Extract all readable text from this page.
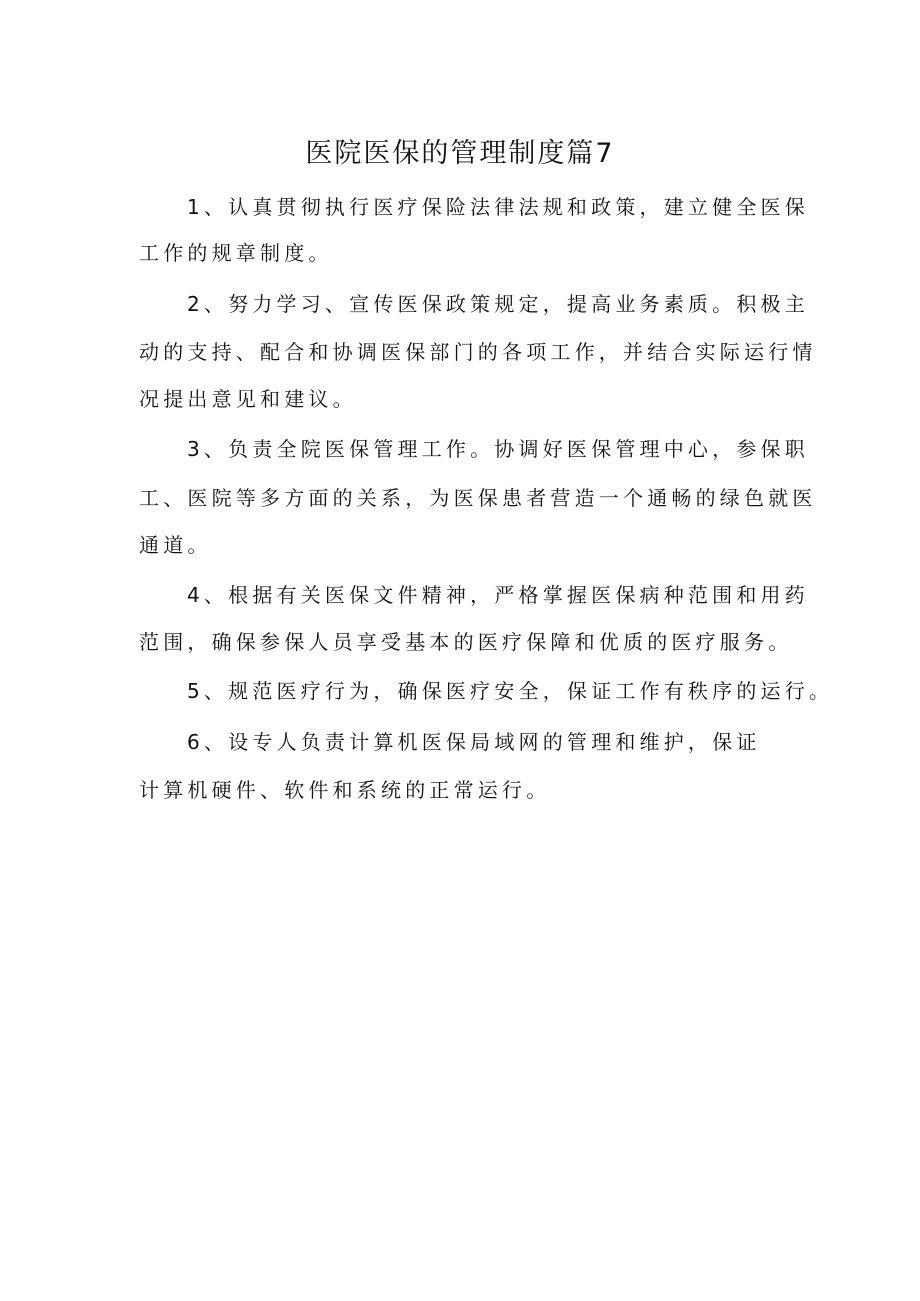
医院医保的管理制度篇7
1、认真贯彻执行医疗保险法律法规和政策，建立健全医保
工作的规章制度。
2、努力学习、宣传医保政策规定，提高业务素质。积极主
动的支持、配合和协调医保部门的各项工作，并结合实际运行情
况提出意见和建议。
3、负责全院医保管理工作。协调好医保管理中心，参保职
工、医院等多方面的关系，为医保患者营造一个通畅的绿色就医
通道。
4、根据有关医保文件精神，严格掌握医保病种范围和用药
范围，确保参保人员享受基本的医疗保障和优质的医疗服务。
5、规范医疗行为，确保医疗安全，保证工作有秩序的运行。
6、设专人负责计算机医保局域网的管理和维护，保证
计算机硬件、软件和系统的正常运行。
